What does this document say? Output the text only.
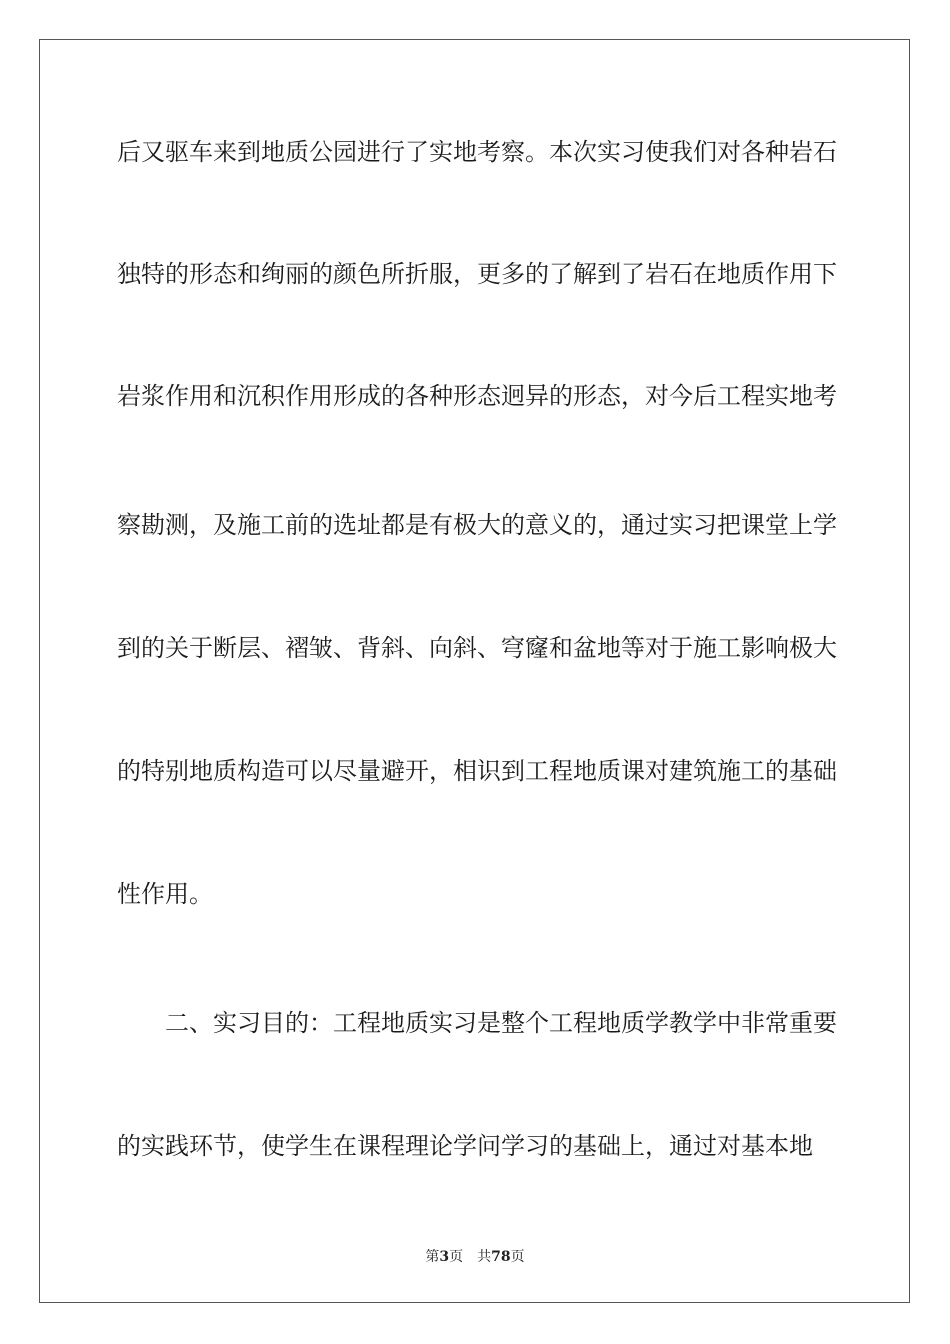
后又驱车来到地质公园进行了实地考察。本次实习使我们对各种岩石
独特的形态和绚丽的颜色所折服，更多的了解到了岩石在地质作用下
岩浆作用和沉积作用形成的各种形态迥异的形态，对今后工程实地考
察勘测，及施工前的选址都是有极大的意义的，通过实习把课堂上学
到的关于断层、褶皱、背斜、向斜、穹窿和盆地等对于施工影响极大
的特别地质构造可以尽量避开，相识到工程地质课对建筑施工的基础
性作用。
二、实习目的：工程地质实习是整个工程地质学教学中非常重要
的实践环节，使学生在课程理论学问学习的基础上，通过对基本地
第3页 共78页
